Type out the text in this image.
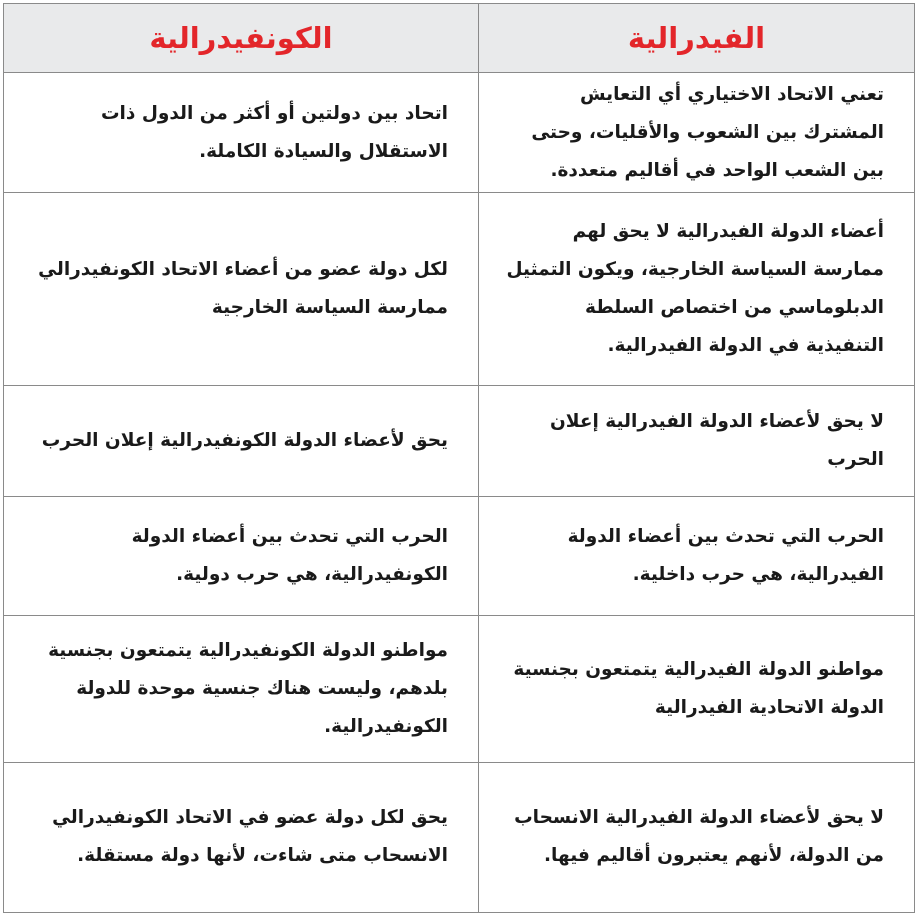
الفيدرالية	الكونفيدرالية
تعني الاتحاد الاختياري أي التعايش المشترك بين الشعوب والأقليات، وحتى بين الشعب الواحد في أقاليم متعددة.	اتحاد بين دولتين أو أكثر من الدول ذات الاستقلال والسيادة الكاملة.
أعضاء الدولة الفيدرالية لا يحق لهم ممارسة السياسة الخارجية، ويكون التمثيل الدبلوماسي من اختصاص السلطة التنفيذية في الدولة الفيدرالية.	لكل دولة عضو من أعضاء الاتحاد الكونفيدرالي ممارسة السياسة الخارجية
لا يحق لأعضاء الدولة الفيدرالية إعلان الحرب	يحق لأعضاء الدولة الكونفيدرالية إعلان الحرب
الحرب التي تحدث بين أعضاء الدولة الفيدرالية، هي حرب داخلية.	الحرب التي تحدث بين أعضاء الدولة الكونفيدرالية، هي حرب دولية.
مواطنو الدولة الفيدرالية يتمتعون بجنسية الدولة الاتحادية الفيدرالية	مواطنو الدولة الكونفيدرالية يتمتعون بجنسية بلدهم، وليست هناك جنسية موحدة للدولة الكونفيدرالية.
لا يحق لأعضاء الدولة الفيدرالية الانسحاب من الدولة، لأنهم يعتبرون أقاليم فيها.	يحق لكل دولة عضو في الاتحاد الكونفيدرالي الانسحاب متى شاءت، لأنها دولة مستقلة.
